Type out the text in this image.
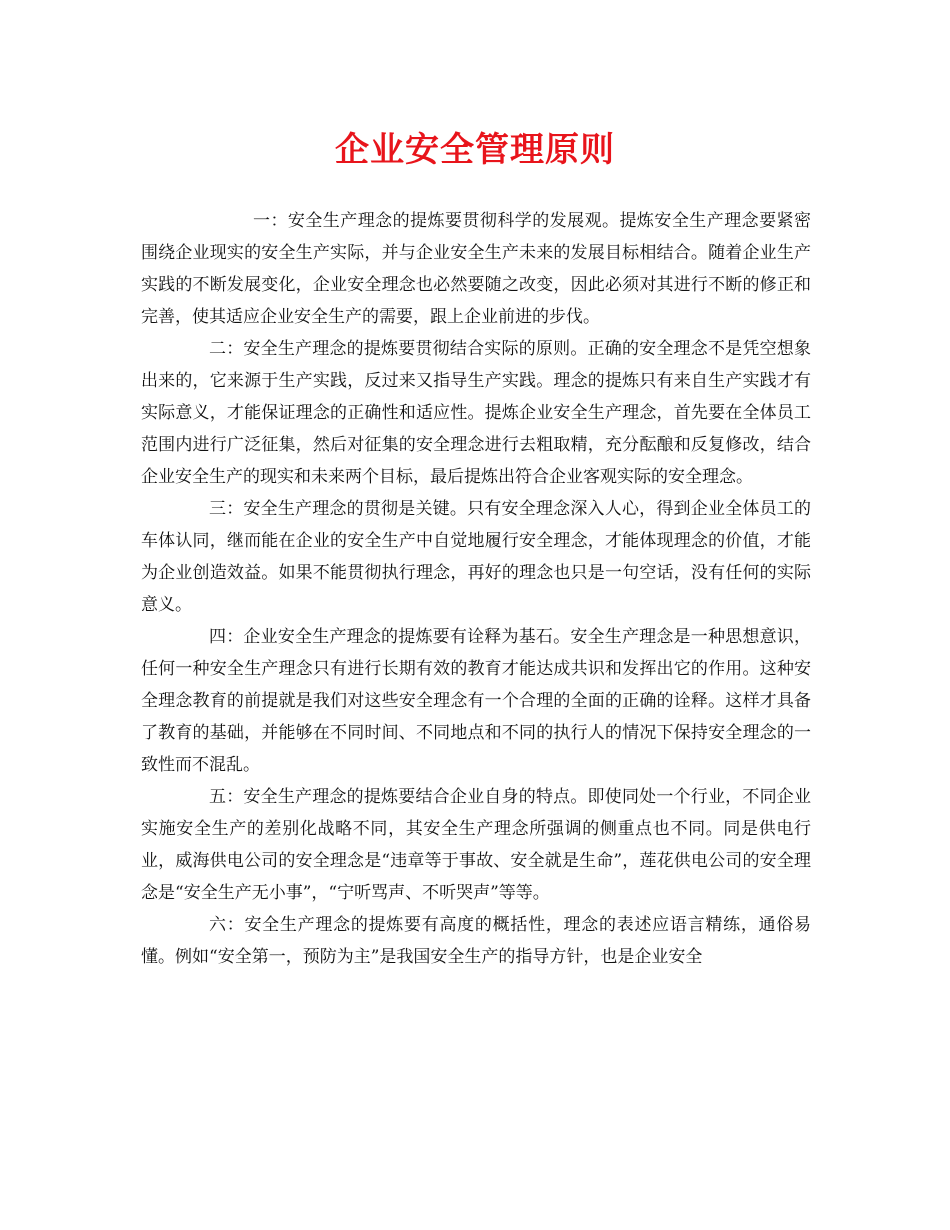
企业安全管理原则

一：安全生产理念的提炼要贯彻科学的发展观。提炼安全生产理念要紧密围绕企业现实的安全生产实际，并与企业安全生产未来的发展目标相结合。随着企业生产实践的不断发展变化，企业安全理念也必然要随之改变，因此必须对其进行不断的修正和完善，使其适应企业安全生产的需要，跟上企业前进的步伐。

二：安全生产理念的提炼要贯彻结合实际的原则。正确的安全理念不是凭空想象出来的，它来源于生产实践，反过来又指导生产实践。理念的提炼只有来自生产实践才有实际意义，才能保证理念的正确性和适应性。提炼企业安全生产理念，首先要在全体员工范围内进行广泛征集，然后对征集的安全理念进行去粗取精，充分酝酿和反复修改，结合企业安全生产的现实和未来两个目标，最后提炼出符合企业客观实际的安全理念。

三：安全生产理念的贯彻是关键。只有安全理念深入人心，得到企业全体员工的车体认同，继而能在企业的安全生产中自觉地履行安全理念，才能体现理念的价值，才能为企业创造效益。如果不能贯彻执行理念，再好的理念也只是一句空话，没有任何的实际意义。

四：企业安全生产理念的提炼要有诠释为基石。安全生产理念是一种思想意识，任何一种安全生产理念只有进行长期有效的教育才能达成共识和发挥出它的作用。这种安全理念教育的前提就是我们对这些安全理念有一个合理的全面的正确的诠释。这样才具备了教育的基础，并能够在不同时间、不同地点和不同的执行人的情况下保持安全理念的一致性而不混乱。

五：安全生产理念的提炼要结合企业自身的特点。即使同处一个行业，不同企业实施安全生产的差别化战略不同，其安全生产理念所强调的侧重点也不同。同是供电行业，威海供电公司的安全理念是“违章等于事故、安全就是生命”，莲花供电公司的安全理念是“安全生产无小事”，“宁听骂声、不听哭声”等等。

六：安全生产理念的提炼要有高度的概括性，理念的表述应语言精练，通俗易懂。例如“安全第一，预防为主”是我国安全生产的指导方针，也是企业安全
